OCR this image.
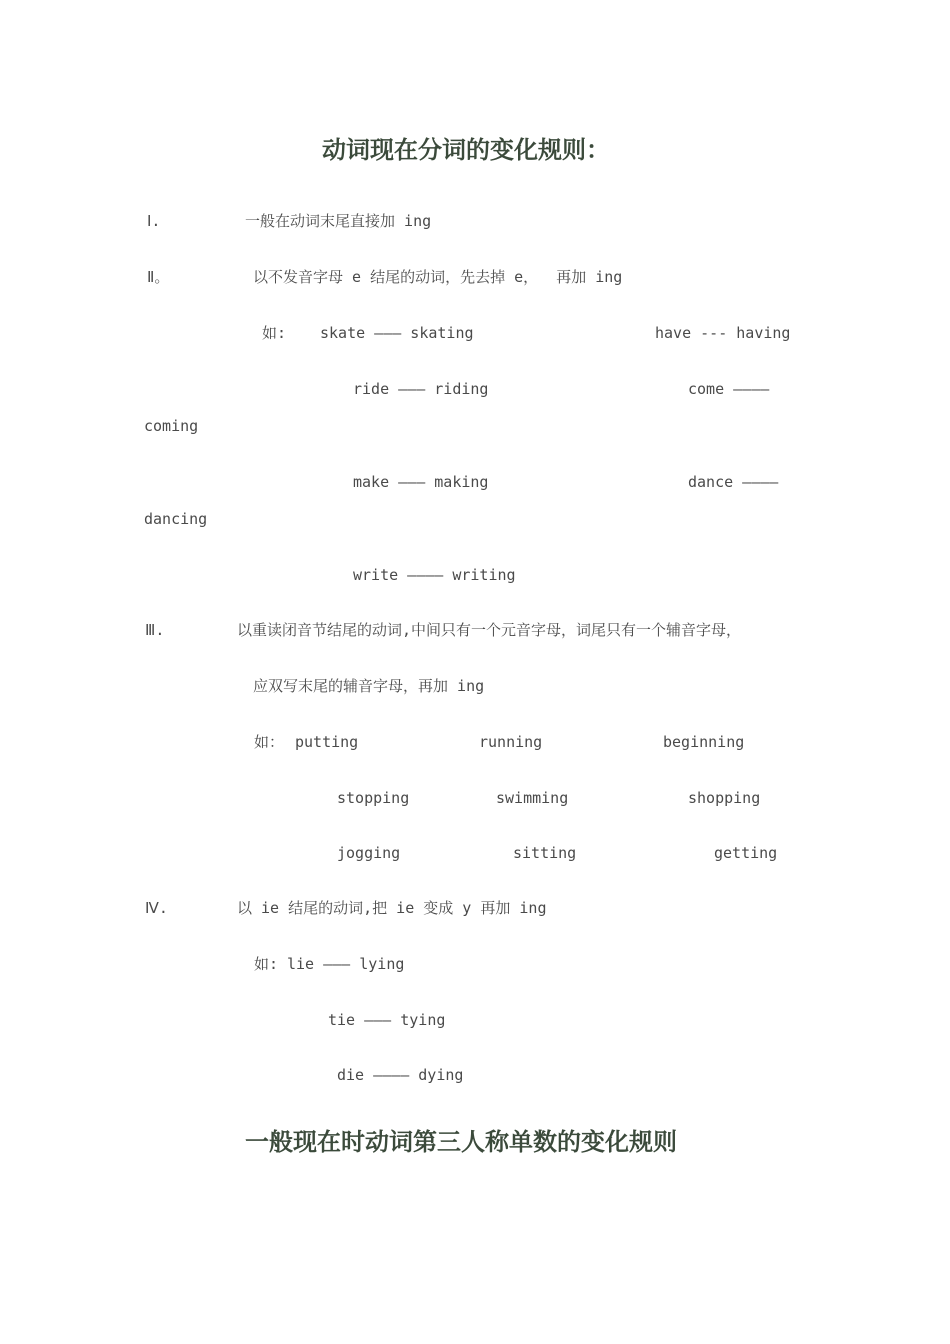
动词现在分词的变化规则：
Ⅰ.	一般在动词末尾直接加 ing
Ⅱ。	以不发音字母 e 结尾的动词，先去掉 e，  再加 ing
如: skate ——— skating	have --- having
ride ——— riding	come ————
coming
make ——— making	dance ————
dancing
write ———— writing
Ⅲ.	以重读闭音节结尾的动词,中间只有一个元音字母，词尾只有一个辅音字母，
应双写末尾的辅音字母，再加 ing
如： putting	running	beginning
stopping	swimming	shopping
jogging	sitting	getting
Ⅳ.	以 ie 结尾的动词,把 ie 变成 y 再加 ing
如: lie ——— lying
tie ——— tying
die ———— dying
一般现在时动词第三人称单数的变化规则
